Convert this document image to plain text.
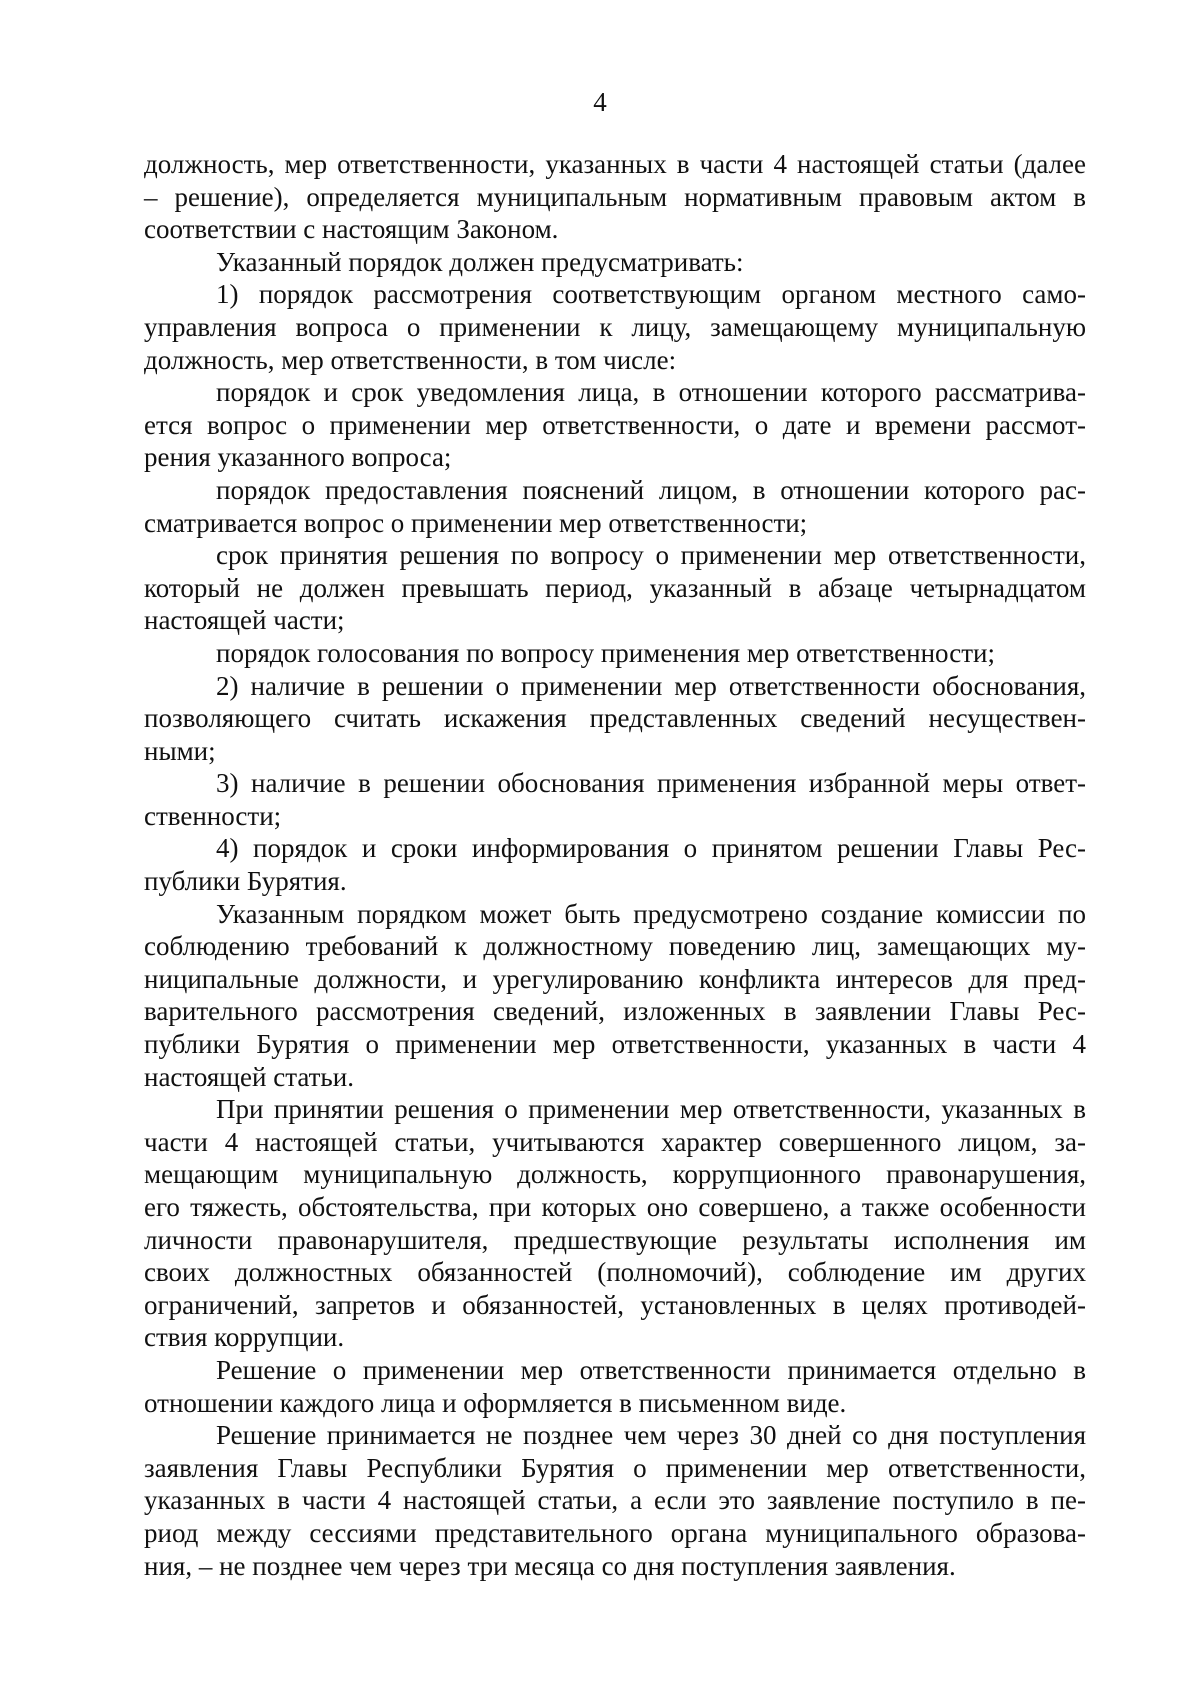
4
должность, мер ответственности, указанных в части 4 настоящей статьи (далее
– решение), определяется муниципальным нормативным правовым актом в
соответствии с настоящим Законом.
Указанный порядок должен предусматривать:
1) порядок рассмотрения соответствующим органом местного само-
управления вопроса о применении к лицу, замещающему муниципальную
должность, мер ответственности, в том числе:
порядок и срок уведомления лица, в отношении которого рассматрива-
ется вопрос о применении мер ответственности, о дате и времени рассмот-
рения указанного вопроса;
порядок предоставления пояснений лицом, в отношении которого рас-
сматривается вопрос о применении мер ответственности;
срок принятия решения по вопросу о применении мер ответственности,
который не должен превышать период, указанный в абзаце четырнадцатом
настоящей части;
порядок голосования по вопросу применения мер ответственности;
2) наличие в решении о применении мер ответственности обоснования,
позволяющего считать искажения представленных сведений несуществен-
ными;
3) наличие в решении обоснования применения избранной меры ответ-
ственности;
4) порядок и сроки информирования о принятом решении Главы Рес-
публики Бурятия.
Указанным порядком может быть предусмотрено создание комиссии по
соблюдению требований к должностному поведению лиц, замещающих му-
ниципальные должности, и урегулированию конфликта интересов для пред-
варительного рассмотрения сведений, изложенных в заявлении Главы Рес-
публики Бурятия о применении мер ответственности, указанных в части 4
настоящей статьи.
При принятии решения о применении мер ответственности, указанных в
части 4 настоящей статьи, учитываются характер совершенного лицом, за-
мещающим муниципальную должность, коррупционного правонарушения,
его тяжесть, обстоятельства, при которых оно совершено, а также особенности
личности правонарушителя, предшествующие результаты исполнения им
своих должностных обязанностей (полномочий), соблюдение им других
ограничений, запретов и обязанностей, установленных в целях противодей-
ствия коррупции.
Решение о применении мер ответственности принимается отдельно в
отношении каждого лица и оформляется в письменном виде.
Решение принимается не позднее чем через 30 дней со дня поступления
заявления Главы Республики Бурятия о применении мер ответственности,
указанных в части 4 настоящей статьи, а если это заявление поступило в пе-
риод между сессиями представительного органа муниципального образова-
ния, – не позднее чем через три месяца со дня поступления заявления.
